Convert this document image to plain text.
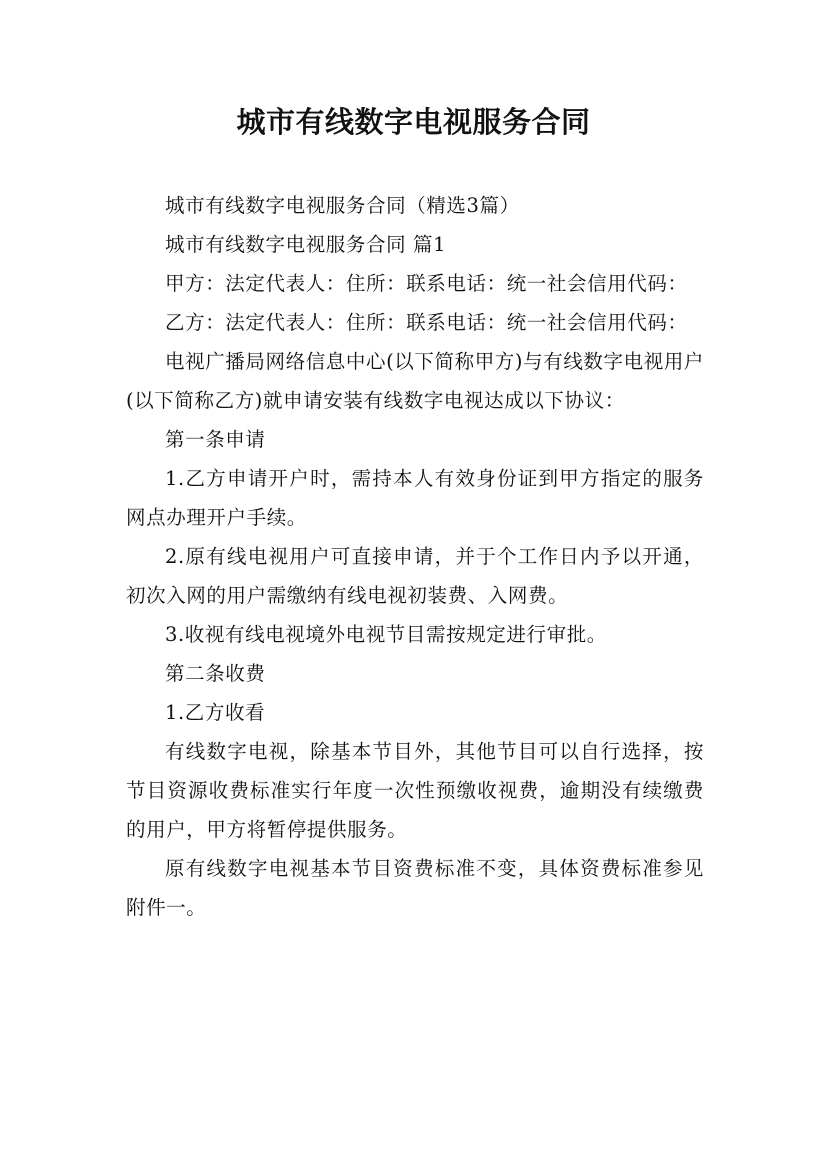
城市有线数字电视服务合同

城市有线数字电视服务合同（精选3篇）

城市有线数字电视服务合同 篇1

甲方：法定代表人：住所：联系电话：统一社会信用代码：

乙方：法定代表人：住所：联系电话：统一社会信用代码：

电视广播局网络信息中心(以下简称甲方)与有线数字电视用户(以下简称乙方)就申请安装有线数字电视达成以下协议：

第一条申请

1.乙方申请开户时，需持本人有效身份证到甲方指定的服务网点办理开户手续。

2.原有线电视用户可直接申请，并于个工作日内予以开通，初次入网的用户需缴纳有线电视初装费、入网费。

3.收视有线电视境外电视节目需按规定进行审批。

第二条收费

1.乙方收看

有线数字电视，除基本节目外，其他节目可以自行选择，按节目资源收费标准实行年度一次性预缴收视费，逾期没有续缴费的用户，甲方将暂停提供服务。

原有线数字电视基本节目资费标准不变，具体资费标准参见附件一。
